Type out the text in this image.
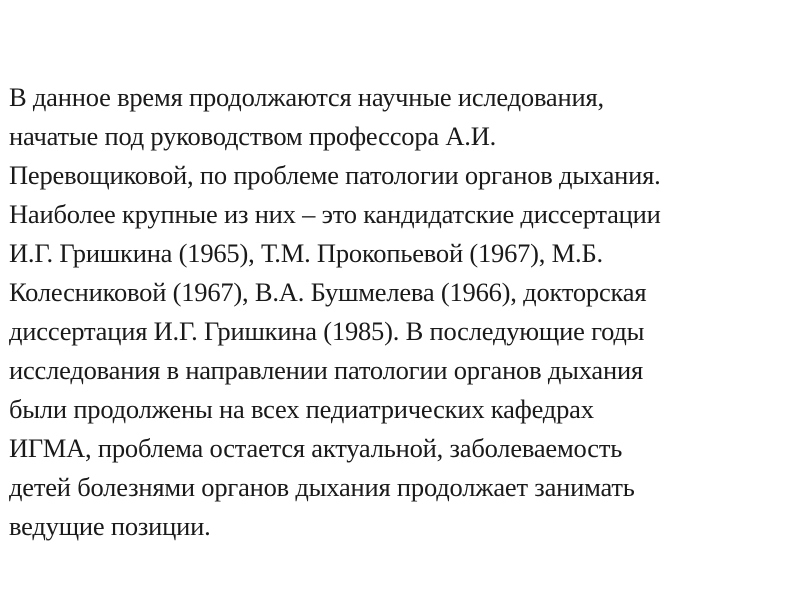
В данное время продолжаются научные иследования,
начатые под руководством профессора А.И.
Перевощиковой, по проблеме патологии органов дыхания.
Наиболее крупные из них – это кандидатские диссертации
И.Г. Гришкина (1965), Т.М. Прокопьевой (1967), М.Б.
Колесниковой (1967), В.А. Бушмелева (1966), докторская
диссертация И.Г. Гришкина (1985). В последующие годы
исследования в направлении патологии органов дыхания
были продолжены на всех педиатрических кафедрах
ИГМА, проблема остается актуальной, заболеваемость
детей болезнями органов дыхания продолжает занимать
ведущие позиции.
